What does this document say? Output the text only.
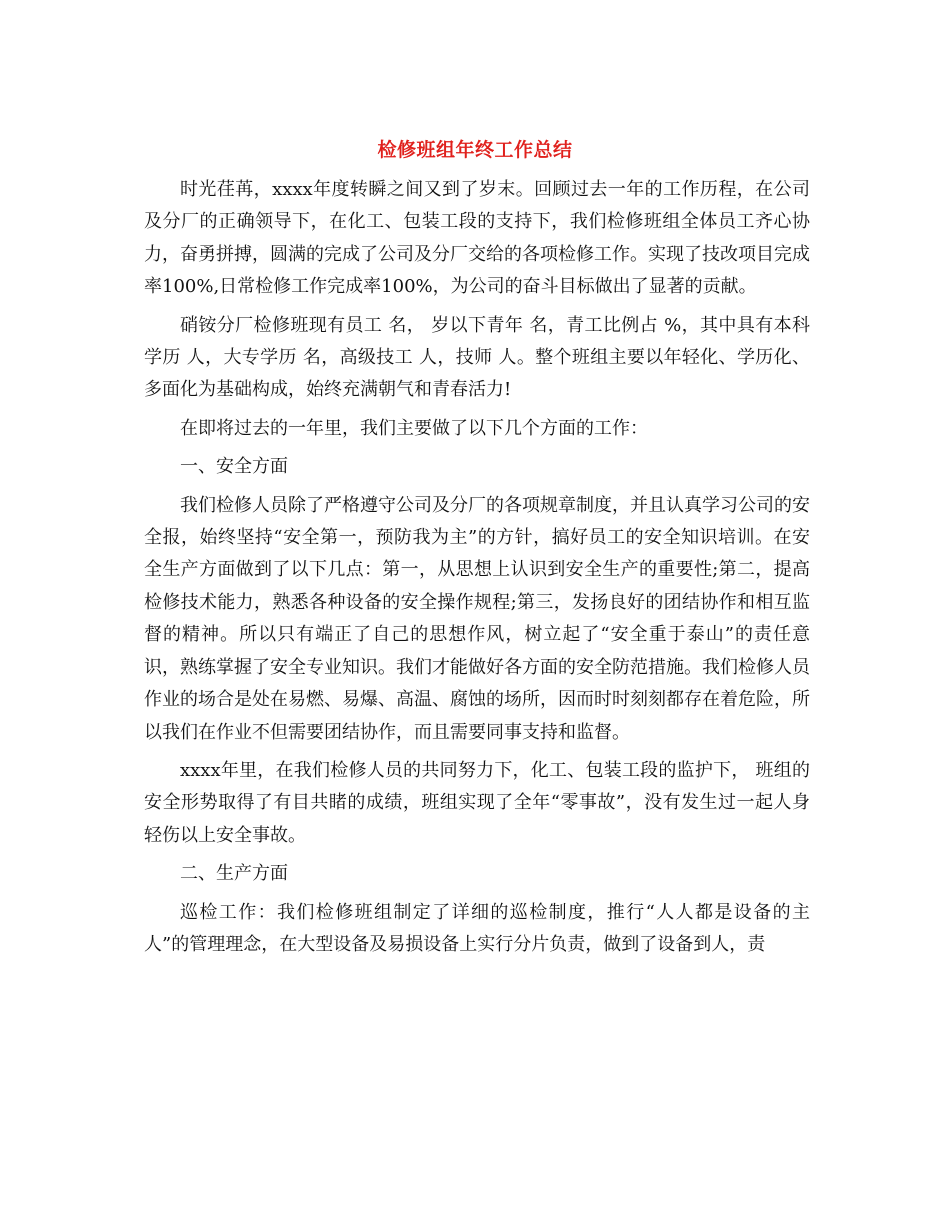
检修班组年终工作总结

时光荏苒，xxxx年度转瞬之间又到了岁末。回顾过去一年的工作历程，在公司及分厂的正确领导下，在化工、包装工段的支持下，我们检修班组全体员工齐心协力，奋勇拼搏，圆满的完成了公司及分厂交给的各项检修工作。实现了技改项目完成率100%,日常检修工作完成率100%，为公司的奋斗目标做出了显著的贡献。

硝铵分厂检修班现有员工 名， 岁以下青年 名，青工比例占 %，其中具有本科学历 人，大专学历 名，高级技工 人，技师 人。整个班组主要以年轻化、学历化、多面化为基础构成，始终充满朝气和青春活力!

在即将过去的一年里，我们主要做了以下几个方面的工作：

一、安全方面

我们检修人员除了严格遵守公司及分厂的各项规章制度，并且认真学习公司的安全报，始终坚持“安全第一，预防我为主”的方针，搞好员工的安全知识培训。在安全生产方面做到了以下几点：第一，从思想上认识到安全生产的重要性;第二，提高检修技术能力，熟悉各种设备的安全操作规程;第三，发扬良好的团结协作和相互监督的精神。所以只有端正了自己的思想作风，树立起了“安全重于泰山”的责任意识，熟练掌握了安全专业知识。我们才能做好各方面的安全防范措施。我们检修人员作业的场合是处在易燃、易爆、高温、腐蚀的场所，因而时时刻刻都存在着危险，所以我们在作业不但需要团结协作，而且需要同事支持和监督。

xxxx年里，在我们检修人员的共同努力下，化工、包装工段的监护下， 班组的安全形势取得了有目共睹的成绩，班组实现了全年“零事故”，没有发生过一起人身轻伤以上安全事故。

二、生产方面

巡检工作：我们检修班组制定了详细的巡检制度，推行“人人都是设备的主人”的管理理念，在大型设备及易损设备上实行分片负责，做到了设备到人，责
